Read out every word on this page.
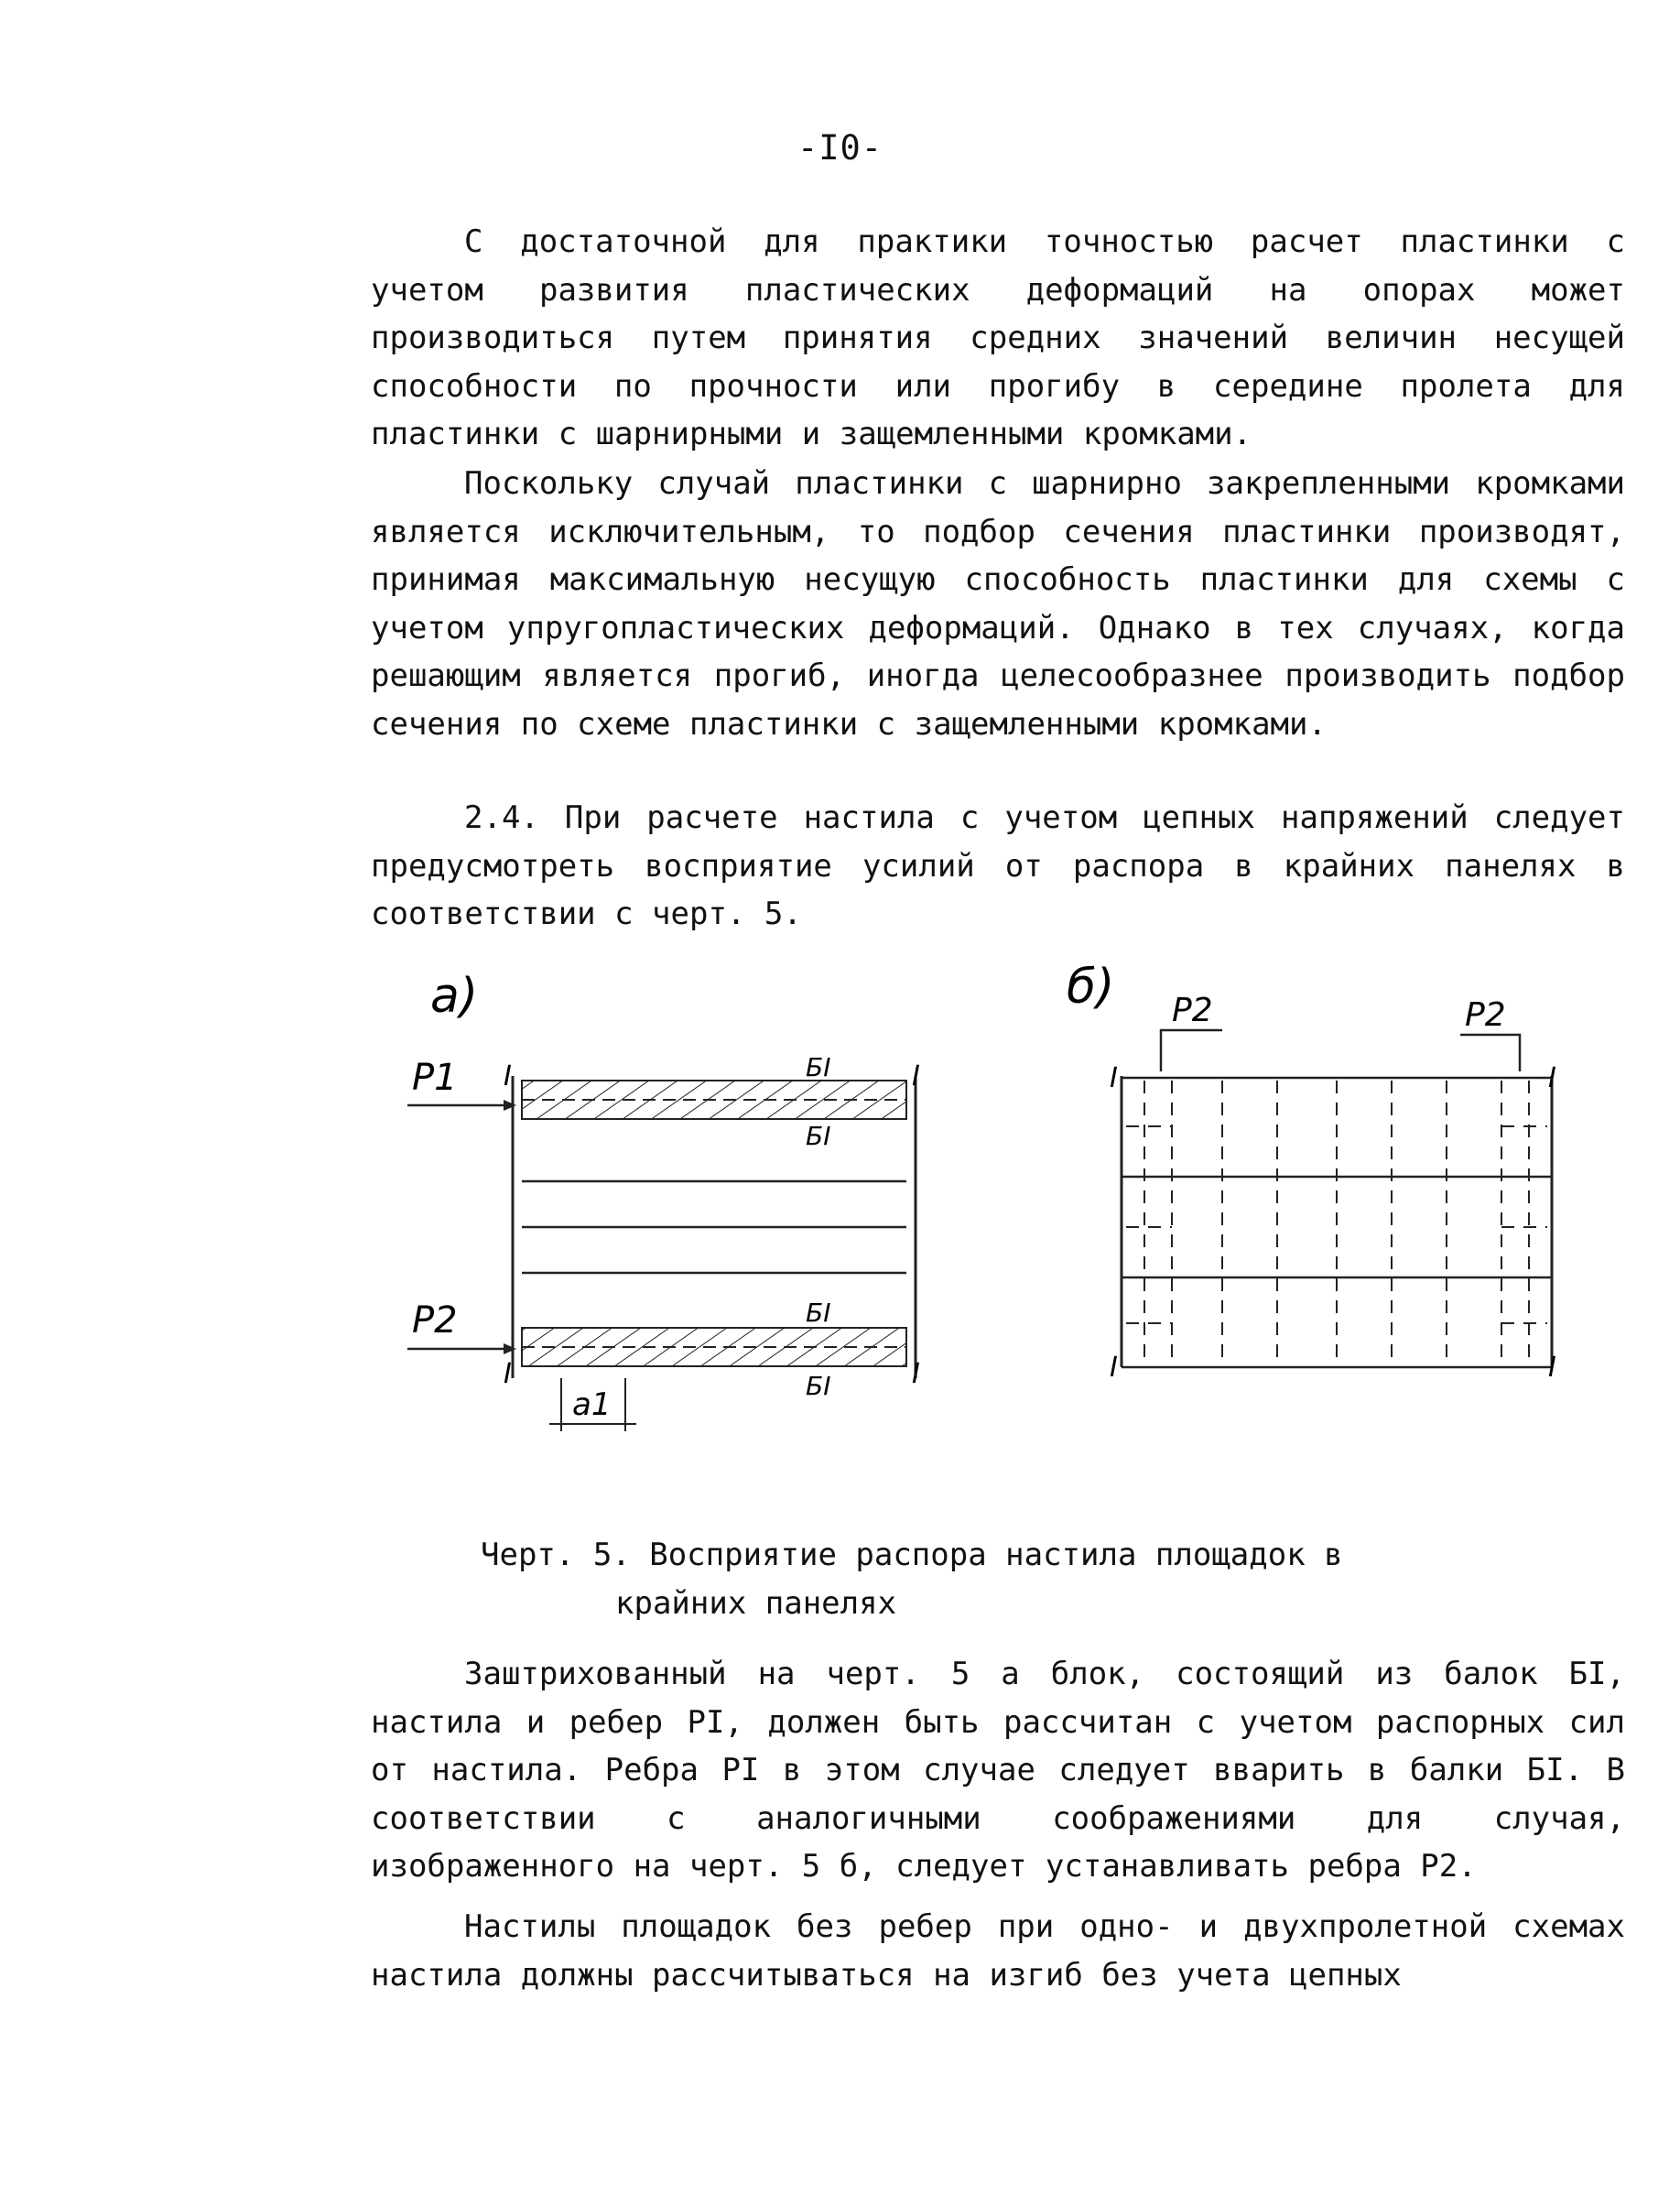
-I0-

С достаточной для практики точностью расчет пластинки с учетом развития пластических деформаций на опорах может производиться путем принятия средних значений величин несущей способности по прочности или прогибу в середине пролета для пластинки с шарнирными и защемленными кромками.

Поскольку случай пластинки с шарнирно закрепленными кромками является исключительным, то подбор сечения пластинки производят, принимая максимальную несущую способность пластинки для схемы с учетом упругопластических деформаций. Однако в тех случаях, когда решающим является прогиб, иногда целесообразнее производить подбор сечения по схеме пластинки с защемленными кромками.

2.4. При расчете настила с учетом цепных напряжений следует предусмотреть восприятие усилий от распора в крайних панелях в соответствии с черт. 5.

а)
P1
P2
I	I
I	I
БI
БI
БI
БI
a1
б) P2	P2
I	I
I	I
Черт. 5. Восприятие распора настила площадок в
крайних панелях

Заштрихованный на черт. 5 а блок, состоящий из балок БI, настила и ребер PI, должен быть рассчитан с учетом распорных сил от настила. Ребра PI в этом случае следует вварить в балки БI. В соответствии с аналогичными соображениями для случая, изображенного на черт. 5 б, следует устанавливать ребра P2.

Настилы площадок без ребер при одно- и двухпролетной схемах настила должны рассчитываться на изгиб без учета цепных
